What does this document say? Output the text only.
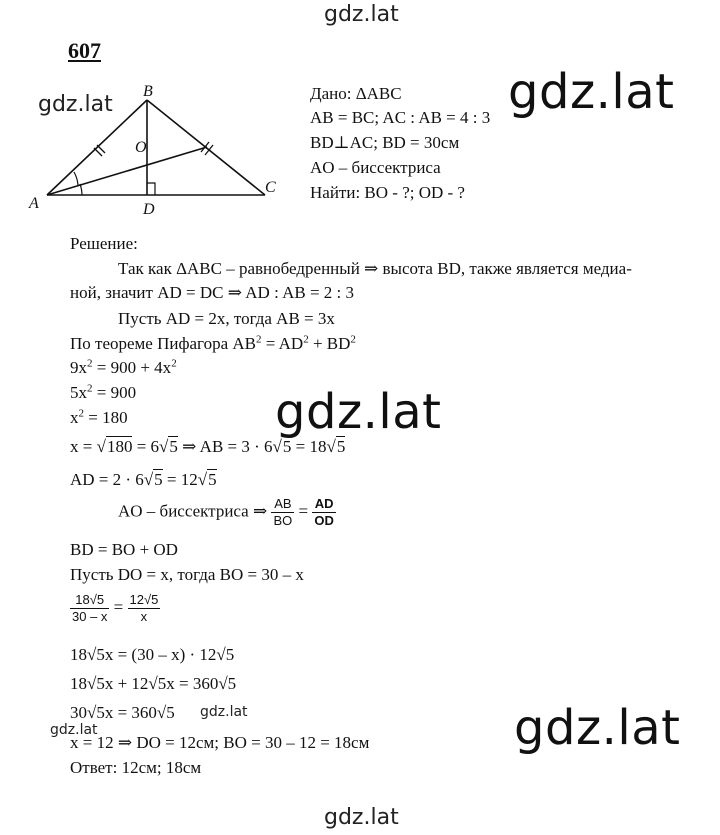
gdz.lat
gdz.lat	gdz.lat
gdz.lat
gdz.lat
gdz.lat	gdz.lat
gdz.lat
607
A
B
C
D
O
Дано: ΔABC
AB = BC; AC : AB = 4 : 3
BD⊥AC; BD = 30см
AO – биссектриса
Найти: BO - ?; OD - ?
Решение:
Так как ΔABC – равнобедренный ⇒ высота BD, также является медиа-
ной, значит AD = DC ⇒ AD : AB = 2 : 3
Пусть AD = 2x, тогда AB = 3x
По теореме Пифагора $AB^2 = AD^2 + BD^2$
$9x^2 = 900 + 4x^2$
$5x^2 = 900$
$x^2 = 180$
x = √180 = 6√5 ⇒ AB = 3 · 6√5 = 18√5
AD = 2 · 6√5 = 12√5
AO – биссектриса ⇒ $\frac{AB}{BO} = \frac{AD}{OD}$
BD = BO + OD
Пусть DO = x, тогда BO = 30 – x
$\frac{18√5}{30 - x} = \frac{12√5}{x}$
18√5x = (30 – x) · 12√5
18√5x + 12√5x = 360√5
30√5x = 360√5
x = 12 ⇒ DO = 12см; BO = 30 – 12 = 18см
Ответ: 12см; 18см
